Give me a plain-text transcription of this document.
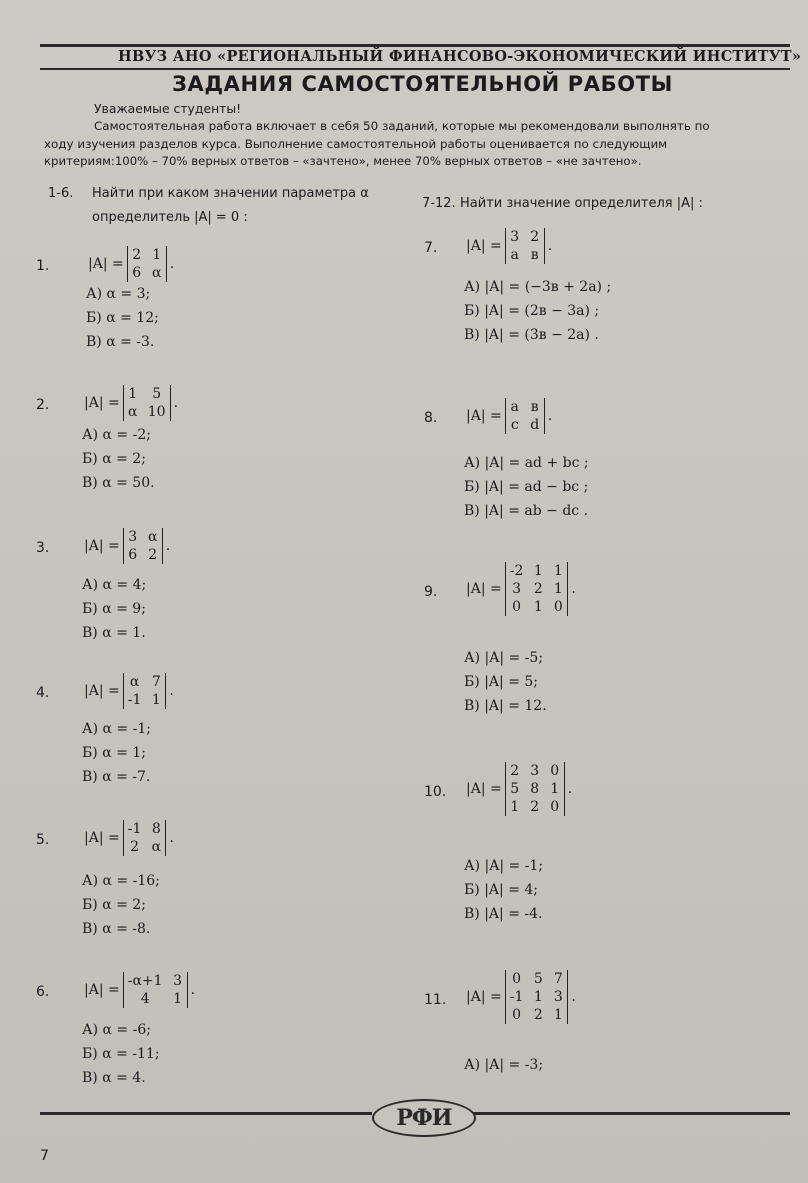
НВУЗ АНО «РЕГИОНАЛЬНЫЙ ФИНАНСОВО-ЭКОНОМИЧЕСКИЙ ИНСТИТУТ»
ЗАДАНИЯ САМОСТОЯТЕЛЬНОЙ РАБОТЫ
Уважаемые студенты!
Самостоятельная работа включает в себя 50 заданий, которые мы рекомендовали выполнять по
ходу изучения разделов курса. Выполнение самостоятельной работы оценивается по следующим
критериям:100% – 70% верных ответов – «зачтено», менее 70% верных ответов – «не зачтено».
1-6. Найти при каком значении параметра α
определитель |A| = 0 :
7-12. Найти значение определителя |A| :
1.	|A| =
2 1
6 α
.
А) α = 3;
Б) α = 12;
В) α = -3.
2. |A| =
1	5
α 10
.
А) α = -2;
Б) α = 2;
В) α = 50.
3. |A| =
3 α
6 2
.
А) α = 4;
Б) α = 9;
В) α = 1.
4. |A| =
α 7
-1 1
.
А) α = -1;
Б) α = 1;
В) α = -7.
5. |A| =
-1 8
2 α
.
А) α = -16;
Б) α = 2;
В) α = -8.
6. |A| =
-α+1 3
4	1
.
А) α = -6;
Б) α = -11;
В) α = 4.
7. |A| =
3 2
а в
.
А) |A| = (−3в + 2а) ;
Б) |A| = (2в − 3а) ;
В) |A| = (3в − 2а) .
8. |A| =
а в
с d
.
А) |A| = ad + bc ;
Б) |A| = ad − bc ;
В) |A| = ab − dc .
9. |A| =
-2 1 1
3 2 1
0 1 0
.
А) |A| = -5;
Б) |A| = 5;
В) |A| = 12.
10. |A| =
2 3 0
5 8 1
1 2 0
.
А) |A| = -1;
Б) |A| = 4;
В) |A| = -4.
11. |A| =
0 5 7
-1 1 3
0 2 1
.
А) |A| = -3;
РФИ
7
